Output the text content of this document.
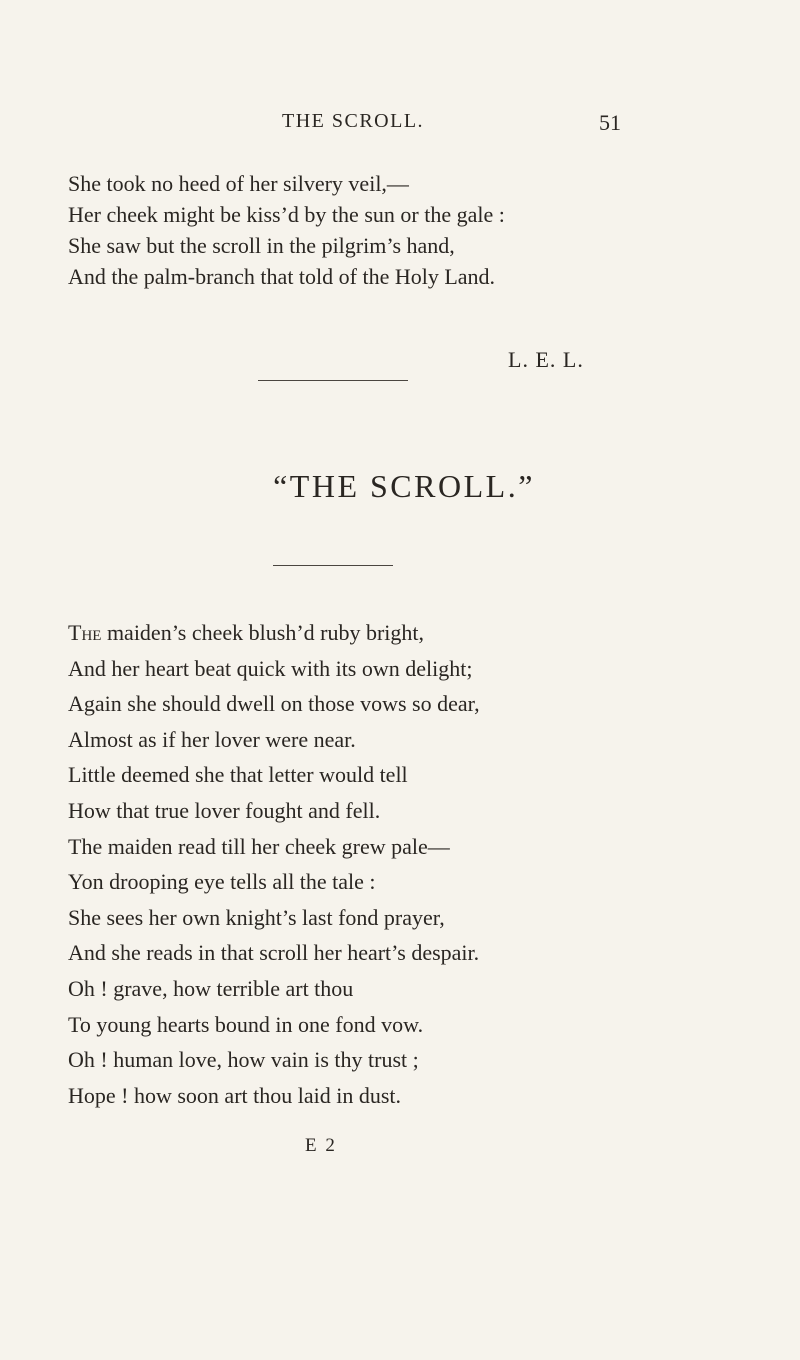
THE SCROLL.	51
She took no heed of her silvery veil,—
Her cheek might be kiss’d by the sun or the gale :
She saw but the scroll in the pilgrim’s hand,
And the palm-branch that told of the Holy Land.
L. E. L.
“THE SCROLL.”
The maiden’s cheek blush’d ruby bright,
And her heart beat quick with its own delight;
Again she should dwell on those vows so dear,
Almost as if her lover were near.
Little deemed she that letter would tell
How that true lover fought and fell.
The maiden read till her cheek grew pale—
Yon drooping eye tells all the tale :
She sees her own knight’s last fond prayer,
And she reads in that scroll her heart’s despair.
Oh ! grave, how terrible art thou
To young hearts bound in one fond vow.
Oh ! human love, how vain is thy trust ;
Hope ! how soon art thou laid in dust.
E 2
